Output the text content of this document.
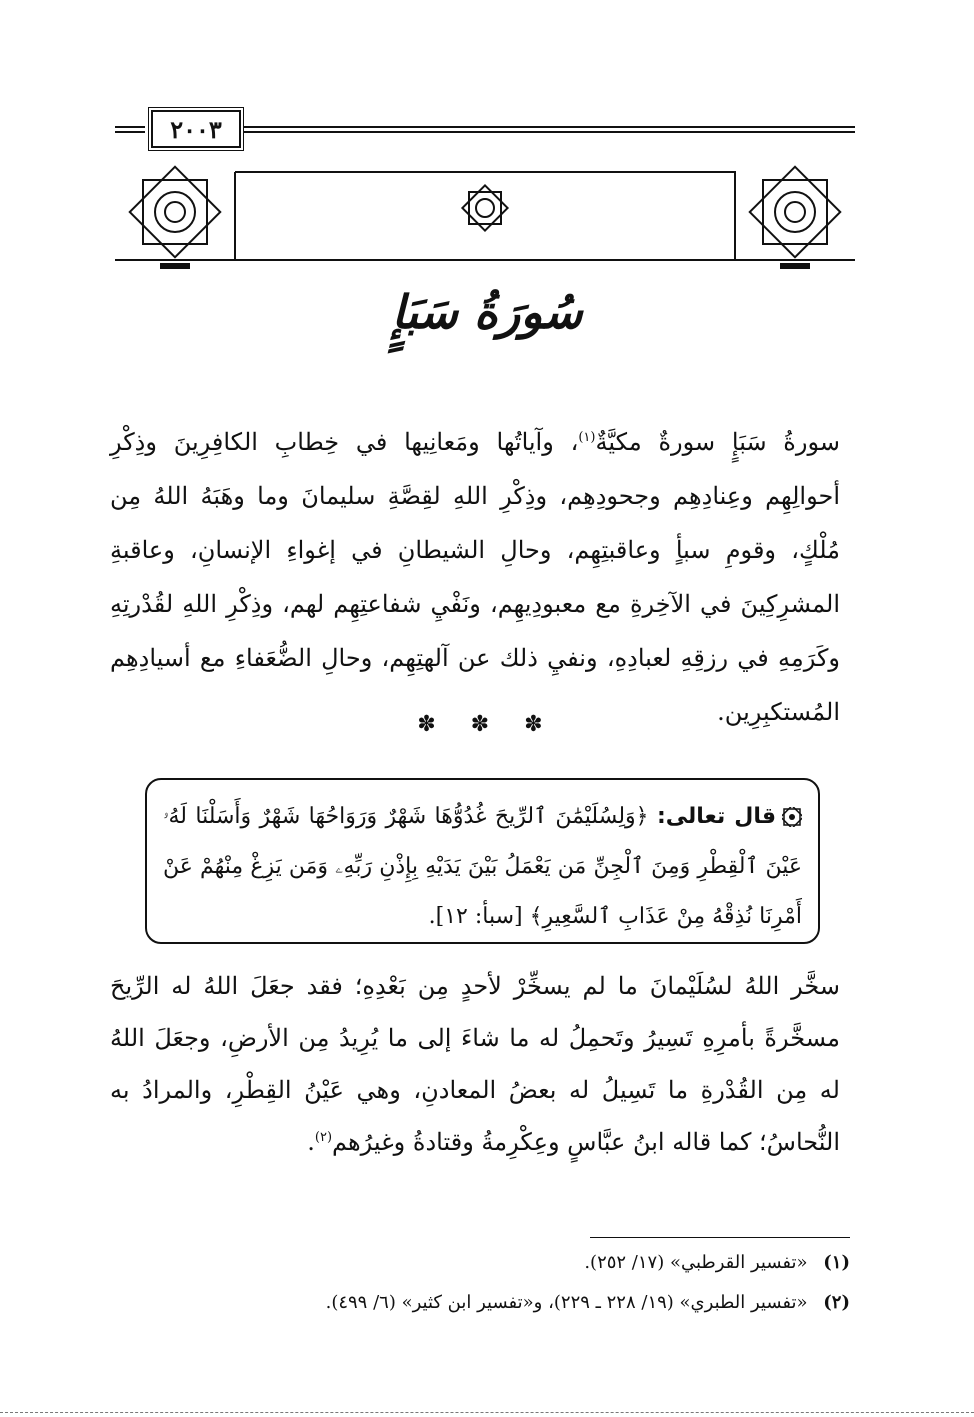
٢٠٠٣
سُورَةُ سَبَإٍ
سورةُ سَبَإٍ سورةٌ مكيَّةٌ$^{(١)}$، وآياتُها ومَعانِيها في خِطابِ الكافِرِينَ وذِكْرِ أحوالِهِم وعِنادِهِم وجحودِهِم، وذِكْرِ اللهِ لقِصَّةِ سليمانَ وما وهَبَهُ اللهُ مِن مُلْكٍ، وقومِ سبأٍ وعاقبتِهِم، وحالِ الشيطانِ في إغواءِ الإنسانِ، وعاقبةِ المشرِكِينَ في الآخِرةِ مع معبودِيهِم، ونَفْيِ شفاعتِهِم لهم، وذِكْرِ اللهِ لقُدْرتِهِ وكَرَمِهِ في رزقِهِ لعبادِهِ، ونفيِ ذلك عن آلهتِهِم، وحالِ الضُّعَفاءِ مع أسيادِهِم المُستكبِرِين.
✽ ✽ ✽
قال تعالى: ﴿وَلِسُلَيْمَٰنَ ٱلرِّيحَ غُدُوُّهَا شَهْرٌ وَرَوَاحُهَا شَهْرٌ وَأَسَلْنَا لَهُۥ عَيْنَ ٱلْقِطْرِ وَمِنَ ٱلْجِنِّ مَن يَعْمَلُ بَيْنَ يَدَيْهِ بِإِذْنِ رَبِّهِۦ وَمَن يَزِغْ مِنْهُمْ عَنْ أَمْرِنَا نُذِقْهُ مِنْ عَذَابِ ٱلسَّعِيرِ﴾ [سبأ: ١٢].
سخَّر اللهُ لسُلَيْمانَ ما لم يسخِّرْ لأحدٍ مِن بَعْدِهِ؛ فقد جعَلَ اللهُ له الرِّيحَ مسخَّرةً بأمرِهِ تَسِيرُ وتَحمِلُ له ما شاءَ إلى ما يُرِيدُ مِن الأرضِ، وجعَلَ اللهُ له مِن القُدْرةِ ما تَسِيلُ له بعضُ المعادنِ، وهي عَيْنُ القِطْرِ، والمرادُ به النُّحاسُ؛ كما قاله ابنُ عبَّاسٍ وعِكْرِمةُ وقتادةُ وغيرُهم$^{(٢)}$.
(١) «تفسير القرطبي» (١٧/ ٢٥٢).
(٢) «تفسير الطبري» (١٩/ ٢٢٨ ـ ٢٢٩)، و«تفسير ابن كثير» (٦/ ٤٩٩).
